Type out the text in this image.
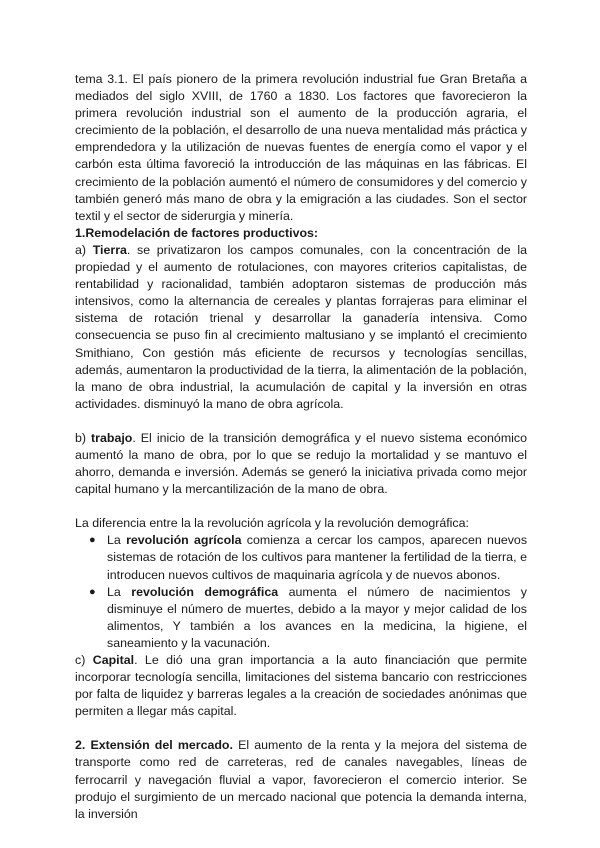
tema 3.1. El país pionero de la primera revolución industrial fue Gran Bretaña a mediados del siglo XVIII, de 1760 a 1830. Los factores que favorecieron la primera revolución industrial son el aumento de la producción agraria, el crecimiento de la población, el desarrollo de una nueva mentalidad más práctica y emprendedora y la utilización de nuevas fuentes de energía como el vapor y el carbón esta última favoreció la introducción de las máquinas en las fábricas. El crecimiento de la población aumentó el número de consumidores y del comercio y también generó más mano de obra y la emigración a las ciudades. Son el sector textil y el sector de siderurgia y minería.

1.Remodelación de factores productivos:

a) Tierra. se privatizaron los campos comunales, con la concentración de la propiedad y el aumento de rotulaciones, con mayores criterios capitalistas, de rentabilidad y racionalidad, también adoptaron sistemas de producción más intensivos, como la alternancia de cereales y plantas forrajeras para eliminar el sistema de rotación trienal y desarrollar la ganadería intensiva. Como consecuencia se puso fin al crecimiento maltusiano y se implantó el crecimiento Smithiano, Con gestión más eficiente de recursos y tecnologías sencillas, además, aumentaron la productividad de la tierra, la alimentación de la población, la mano de obra industrial, la acumulación de capital y la inversión en otras actividades. disminuyó la mano de obra agrícola.

b) trabajo. El inicio de la transición demográfica y el nuevo sistema económico aumentó la mano de obra, por lo que se redujo la mortalidad y se mantuvo el ahorro, demanda e inversión. Además se generó la iniciativa privada como mejor capital humano y la mercantilización de la mano de obra.

La diferencia entre la la revolución agrícola y la revolución demográfica:

● La revolución agrícola comienza a cercar los campos, aparecen nuevos sistemas de rotación de los cultivos para mantener la fertilidad de la tierra, e introducen nuevos cultivos de maquinaria agrícola y de nuevos abonos.
● La revolución demográfica aumenta el número de nacimientos y disminuye el número de muertes, debido a la mayor y mejor calidad de los alimentos, Y también a los avances en la medicina, la higiene, el saneamiento y la vacunación.

c) Capital. Le dió una gran importancia a la auto financiación que permite incorporar tecnología sencilla, limitaciones del sistema bancario con restricciones por falta de liquidez y barreras legales a la creación de sociedades anónimas que permiten a llegar más capital.

2. Extensión del mercado. El aumento de la renta y la mejora del sistema de transporte como red de carreteras, red de canales navegables, líneas de ferrocarril y navegación fluvial a vapor, favorecieron el comercio interior. Se produjo el surgimiento de un mercado nacional que potencia la demanda interna, la inversión
